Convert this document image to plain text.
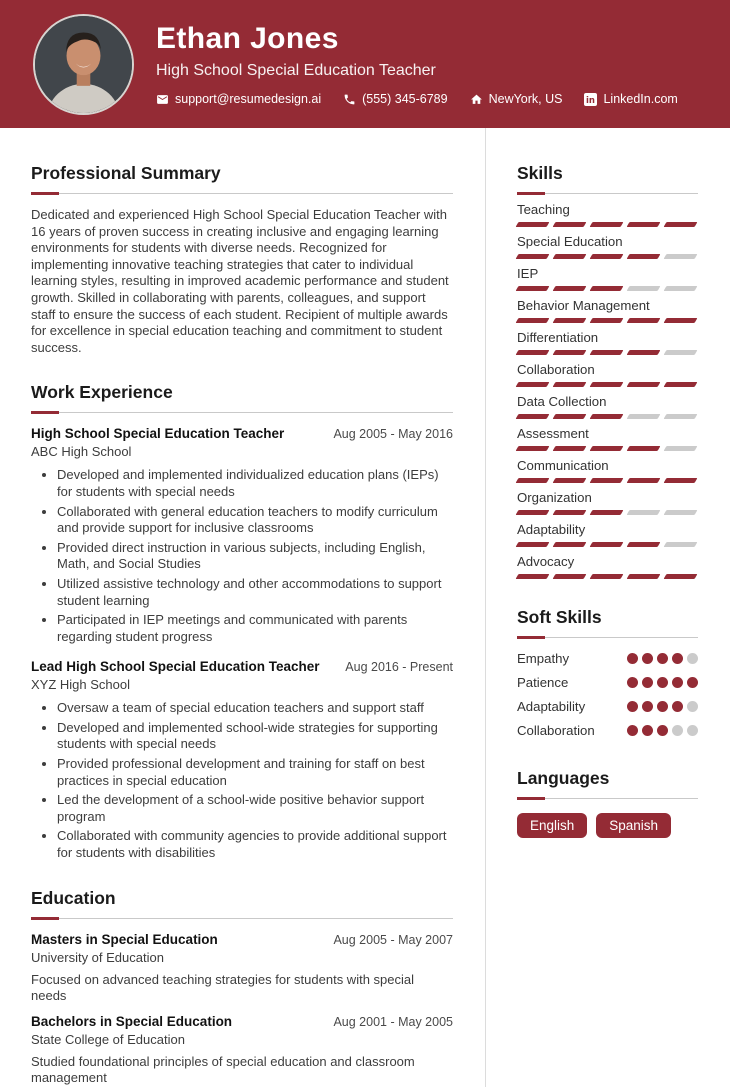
Ethan Jones
High School Special Education Teacher
support@resumedesign.ai	(555) 345-6789	NewYork, US	in LinkedIn.com
Professional Summary

Dedicated and experienced High School Special Education Teacher with 16 years of proven success in creating inclusive and engaging learning environments for students with diverse needs. Recognized for implementing innovative teaching strategies that cater to individual learning styles, resulting in improved academic performance and student growth. Skilled in collaborating with parents, colleagues, and support staff to ensure the success of each student. Recipient of multiple awards for excellence in special education teaching and commitment to student success.

Work Experience
High School Special Education Teacher	Aug 2005 - May 2016
ABC High School
• Developed and implemented individualized education plans (IEPs) for students with special needs
• Collaborated with general education teachers to modify curriculum and provide support for inclusive classrooms
• Provided direct instruction in various subjects, including English, Math, and Social Studies
• Utilized assistive technology and other accommodations to support student learning
• Participated in IEP meetings and communicated with parents regarding student progress
Lead High School Special Education Teacher Aug 2016 - Present
XYZ High School
• Oversaw a team of special education teachers and support staff
• Developed and implemented school-wide strategies for supporting students with special needs
• Provided professional development and training for staff on best practices in special education
• Led the development of a school-wide positive behavior support program
• Collaborated with community agencies to provide additional support for students with disabilities
Education
Masters in Special Education	Aug 2005 - May 2007
University of Education

Focused on advanced teaching strategies for students with special needs

Bachelors in Special Education	Aug 2001 - May 2005
State College of Education

Studied foundational principles of special education and classroom management

Skills
Teaching
Special Education
IEP
Behavior Management
Differentiation
Collaboration
Data Collection
Assessment
Communication
Organization
Adaptability
Advocacy
Soft Skills
Empathy
Patience
Adaptability
Collaboration
Languages
English	Spanish
